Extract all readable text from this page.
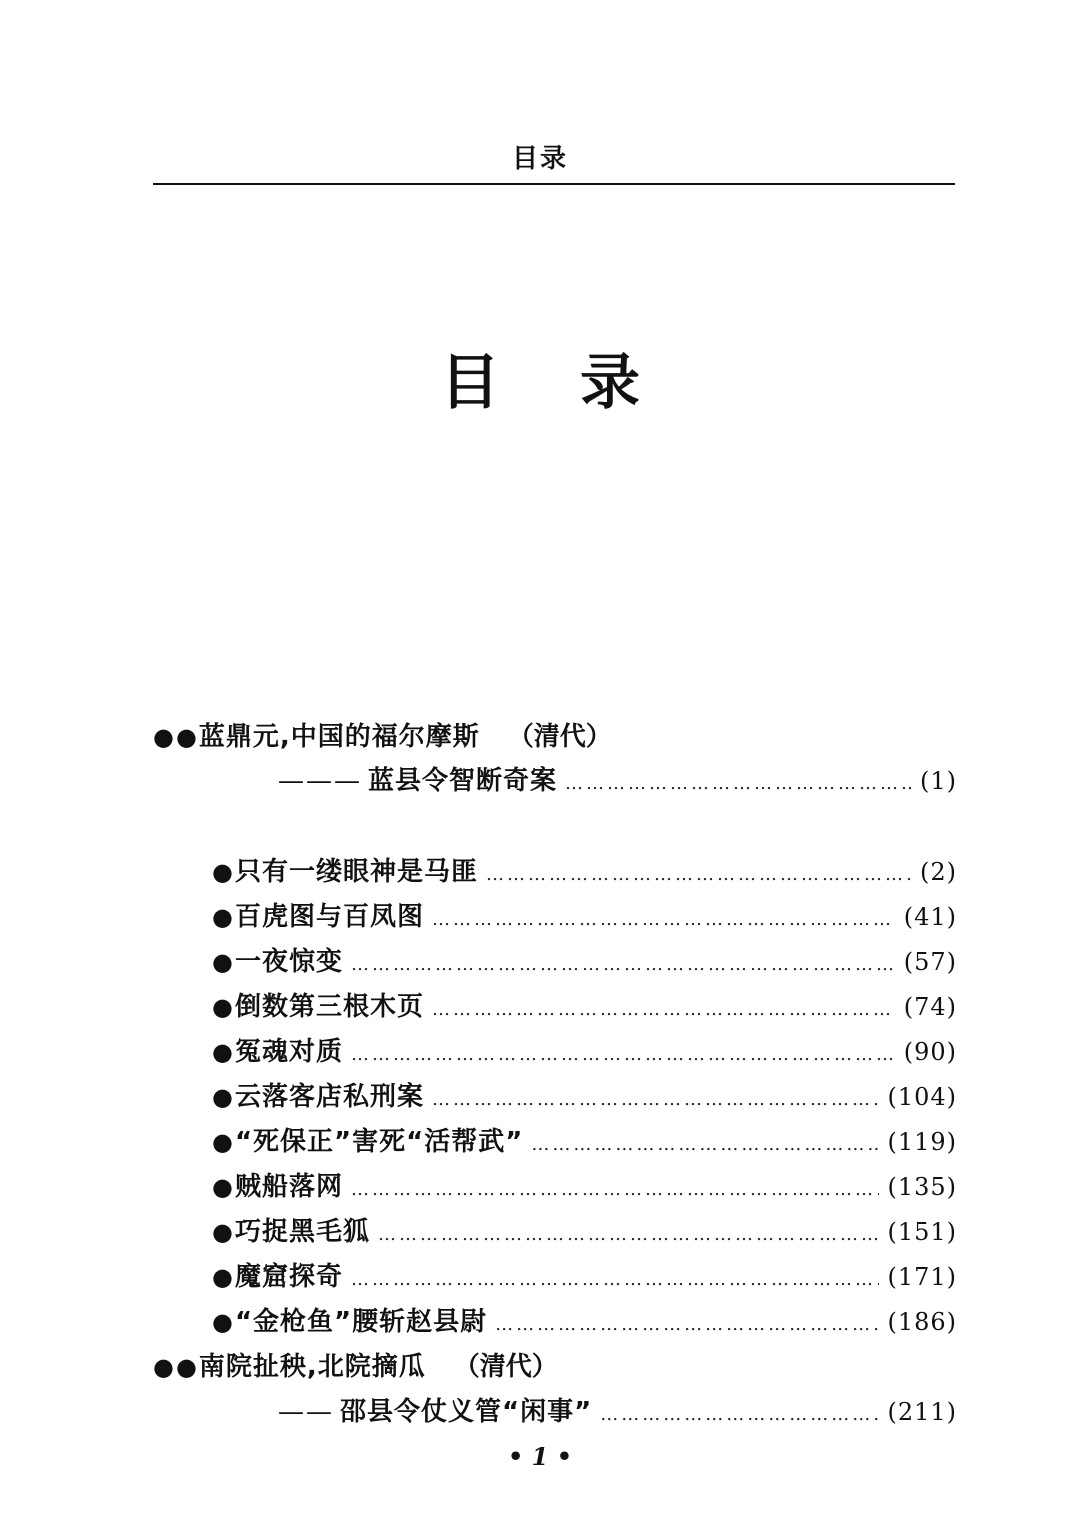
目录
目 录
● ● 蓝鼎元,中国的福尔摩斯 （清代）
——— 蓝县令智断奇案 …………………………………………………………………………………………………………………………………………	(1)
● 只有一缕眼神是马匪 …………………………………………………………………………………………………………………………………………	(2)
● 百虎图与百凤图 …………………………………………………………………………………………………………………………………………	(41)
● 一夜惊变 …………………………………………………………………………………………………………………………………………	(57)
● 倒数第三根木页 …………………………………………………………………………………………………………………………………………	(74)
● 冤魂对质 …………………………………………………………………………………………………………………………………………	(90)
● 云落客店私刑案 …………………………………………………………………………………………………………………………………………	(104)
● “死保正”害死“活帮武” …………………………………………………………………………………………………………………………………………	(119)
● 贼船落网 …………………………………………………………………………………………………………………………………………	(135)
● 巧捉黑毛狐 …………………………………………………………………………………………………………………………………………	(151)
● 魔窟探奇 …………………………………………………………………………………………………………………………………………	(171)
● “金枪鱼”腰斩赵县尉 …………………………………………………………………………………………………………………………………………	(186)
● ● 南院扯秧,北院摘瓜 （清代）
—— 邵县令仗义管“闲事” …………………………………………………………………………………………………………………………………………	(211)
• 1 •
